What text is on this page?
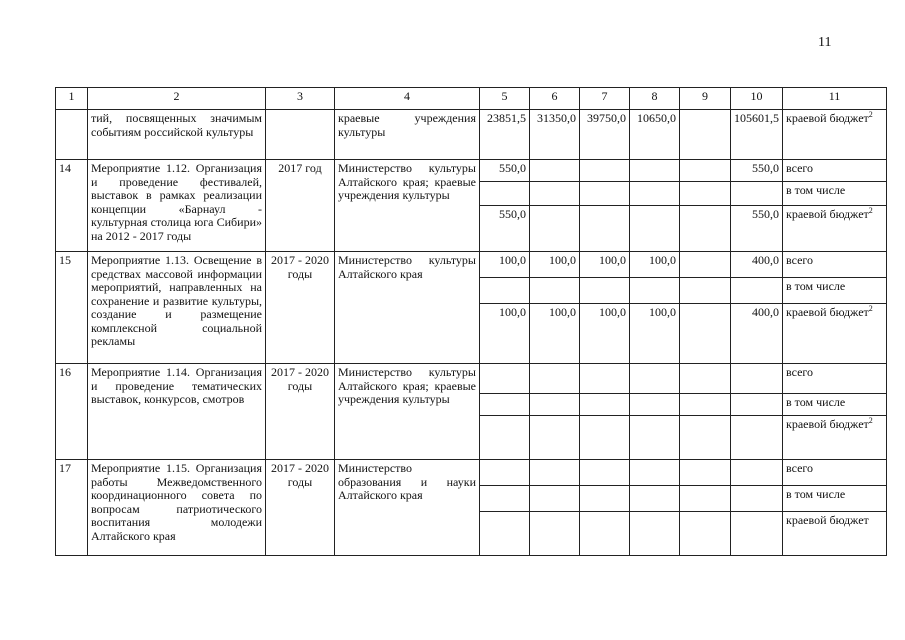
11
1	2	3	4	5	6	7	8	9	10	11
	тий, посвященных значимым событиям российской культуры		краевые учреждения культуры	23851,5	31350,0	39750,0	10650,0		105601,5	краевой бюджет$^2$
14	Мероприятие 1.12. Организация и проведение фестивалей, выставок в рамках реализации концепции «Барнаул - культурная столица юга Сибири» на 2012 - 2017 годы	2017 год	Министерство культуры Алтайского края; краевые учреждения культуры	550,0					550,0	всего
										в том числе
				550,0					550,0	краевой бюджет$^2$
15	Мероприятие 1.13. Освещение в средствах массовой информации мероприятий, направленных на сохранение и развитие культуры, создание и размещение комплексной социальной рекламы	2017 - 2020 годы	Министерство культуры Алтайского края	100,0	100,0	100,0	100,0		400,0	всего
										в том числе
				100,0	100,0	100,0	100,0		400,0	краевой бюджет$^2$
16	Мероприятие 1.14. Организация и проведение тематических выставок, конкурсов, смотров	2017 - 2020 годы	Министерство культуры Алтайского края; краевые учреждения культуры							всего
										в том числе
										краевой бюджет$^2$
17	Мероприятие 1.15. Организация работы Межведомственного координационного совета по вопросам патриотического воспитания молодежи Алтайского края	2017 - 2020 годы	Министерство образования и науки Алтайского края							всего
										в том числе
										краевой бюджет
